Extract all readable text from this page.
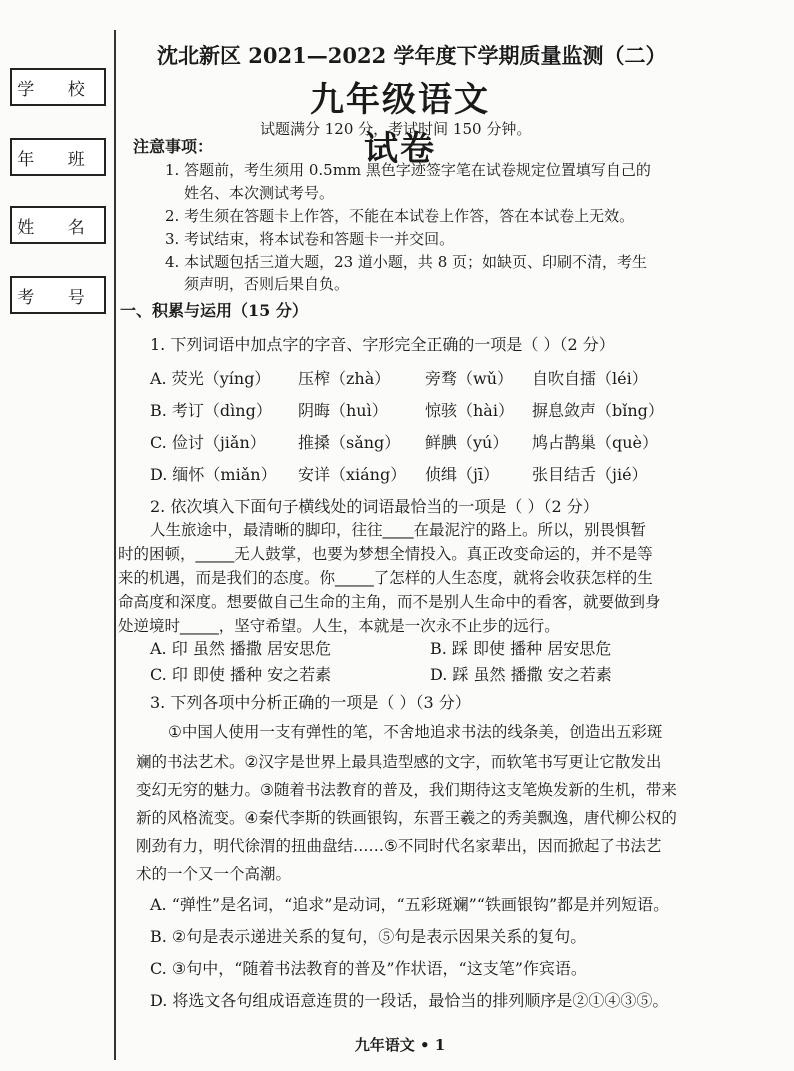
学 校
年 班
姓 名
考 号
沈北新区 2021—2022 学年度下学期质量监测（二）
九年级语文试卷
试题满分 120 分，考试时间 150 分钟。
注意事项：
1. 答题前，考生须用 0.5mm 黑色字迹签字笔在试卷规定位置填写自己的
姓名、本次测试考号。
2. 考生须在答题卡上作答，不能在本试卷上作答，答在本试卷上无效。
3. 考试结束，将本试卷和答题卡一并交回。
4. 本试题包括三道大题，23 道小题，共 8 页；如缺页、印刷不清，考生
须声明，否则后果自负。
一、积累与运用（15 分）
1. 下列词语中加点字的字音、字形完全正确的一项是（ ）（2 分）
A. 荧光（yíng） 压榨（zhà） 旁骛（wǔ） 自吹自擂（léi）
B. 考订（dìng） 阴晦（huì） 惊骇（hài） 摒息敛声（bǐng）
C. 俭讨（jiǎn） 推搡（sǎng） 鲜腆（yú） 鸠占鹊巢（què）
D. 缅怀（miǎn） 安详（xiáng） 侦缉（jī） 张目结舌（jié）
2. 依次填入下面句子横线处的词语最恰当的一项是（ ）（2 分）
人生旅途中，最清晰的脚印，往往____在最泥泞的路上。所以，别畏惧暂
时的困顿，_____无人鼓掌，也要为梦想全情投入。真正改变命运的，并不是等
来的机遇，而是我们的态度。你_____了怎样的人生态度，就将会收获怎样的生
命高度和深度。想要做自己生命的主角，而不是别人生命中的看客，就要做到身
处逆境时_____，坚守希望。人生，本就是一次永不止步的远行。
A. 印 虽然 播撒 居安思危	B. 踩 即使 播种 居安思危
C. 印 即使 播种 安之若素	D. 踩 虽然 播撒 安之若素
3. 下列各项中分析正确的一项是（ ）（3 分）
①中国人使用一支有弹性的笔，不舍地追求书法的线条美，创造出五彩斑
斓的书法艺术。②汉字是世界上最具造型感的文字，而软笔书写更让它散发出
变幻无穷的魅力。③随着书法教育的普及，我们期待这支笔焕发新的生机，带来
新的风格流变。④秦代李斯的铁画银钩，东晋王羲之的秀美飘逸，唐代柳公权的
刚劲有力，明代徐渭的扭曲盘结……⑤不同时代名家辈出，因而掀起了书法艺
术的一个又一个高潮。
A. “弹性”是名词，“追求”是动词，“五彩斑斓”“铁画银钩”都是并列短语。
B. ②句是表示递进关系的复句，⑤句是表示因果关系的复句。
C. ③句中，“随着书法教育的普及”作状语，“这支笔”作宾语。
D. 将选文各句组成语意连贯的一段话，最恰当的排列顺序是②①④③⑤。
九年语文 • 1
